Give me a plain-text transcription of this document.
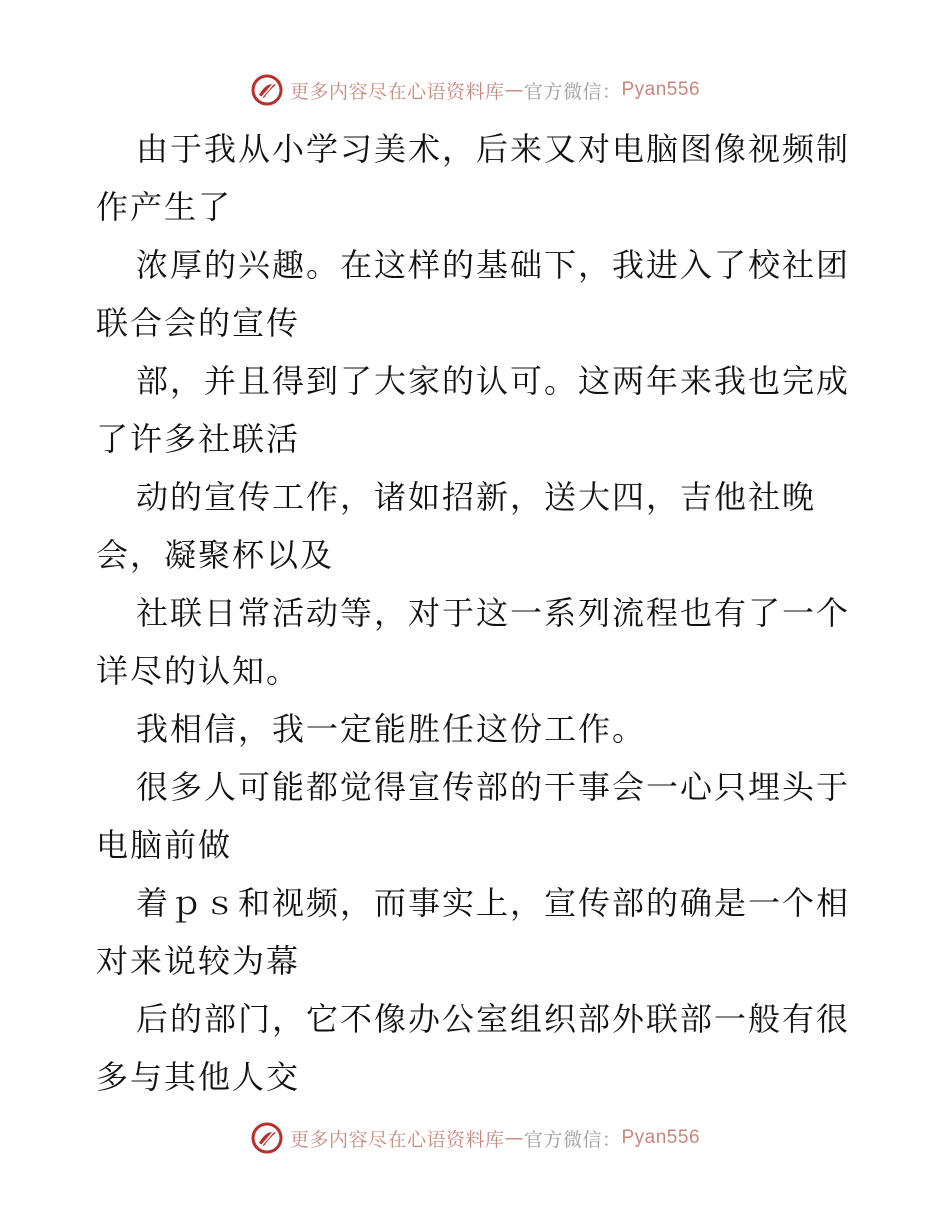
更多内容尽在心语资料库 — 官方微信： Pyan556
由于我从小学习美术，后来又对电脑图像视频制
作产生了
浓厚的兴趣。在这样的基础下，我进入了校社团
联合会的宣传
部，并且得到了大家的认可。这两年来我也完成
了许多社联活
动的宣传工作，诸如招新，送大四，吉他社晚
会，凝聚杯以及
社联日常活动等，对于这一系列流程也有了一个
详尽的认知。
我相信，我一定能胜任这份工作。
很多人可能都觉得宣传部的干事会一心只埋头于
电脑前做
着ｐｓ和视频，而事实上，宣传部的确是一个相
对来说较为幕
后的部门，它不像办公室组织部外联部一般有很
多与其他人交
更多内容尽在心语资料库 — 官方微信： Pyan556
